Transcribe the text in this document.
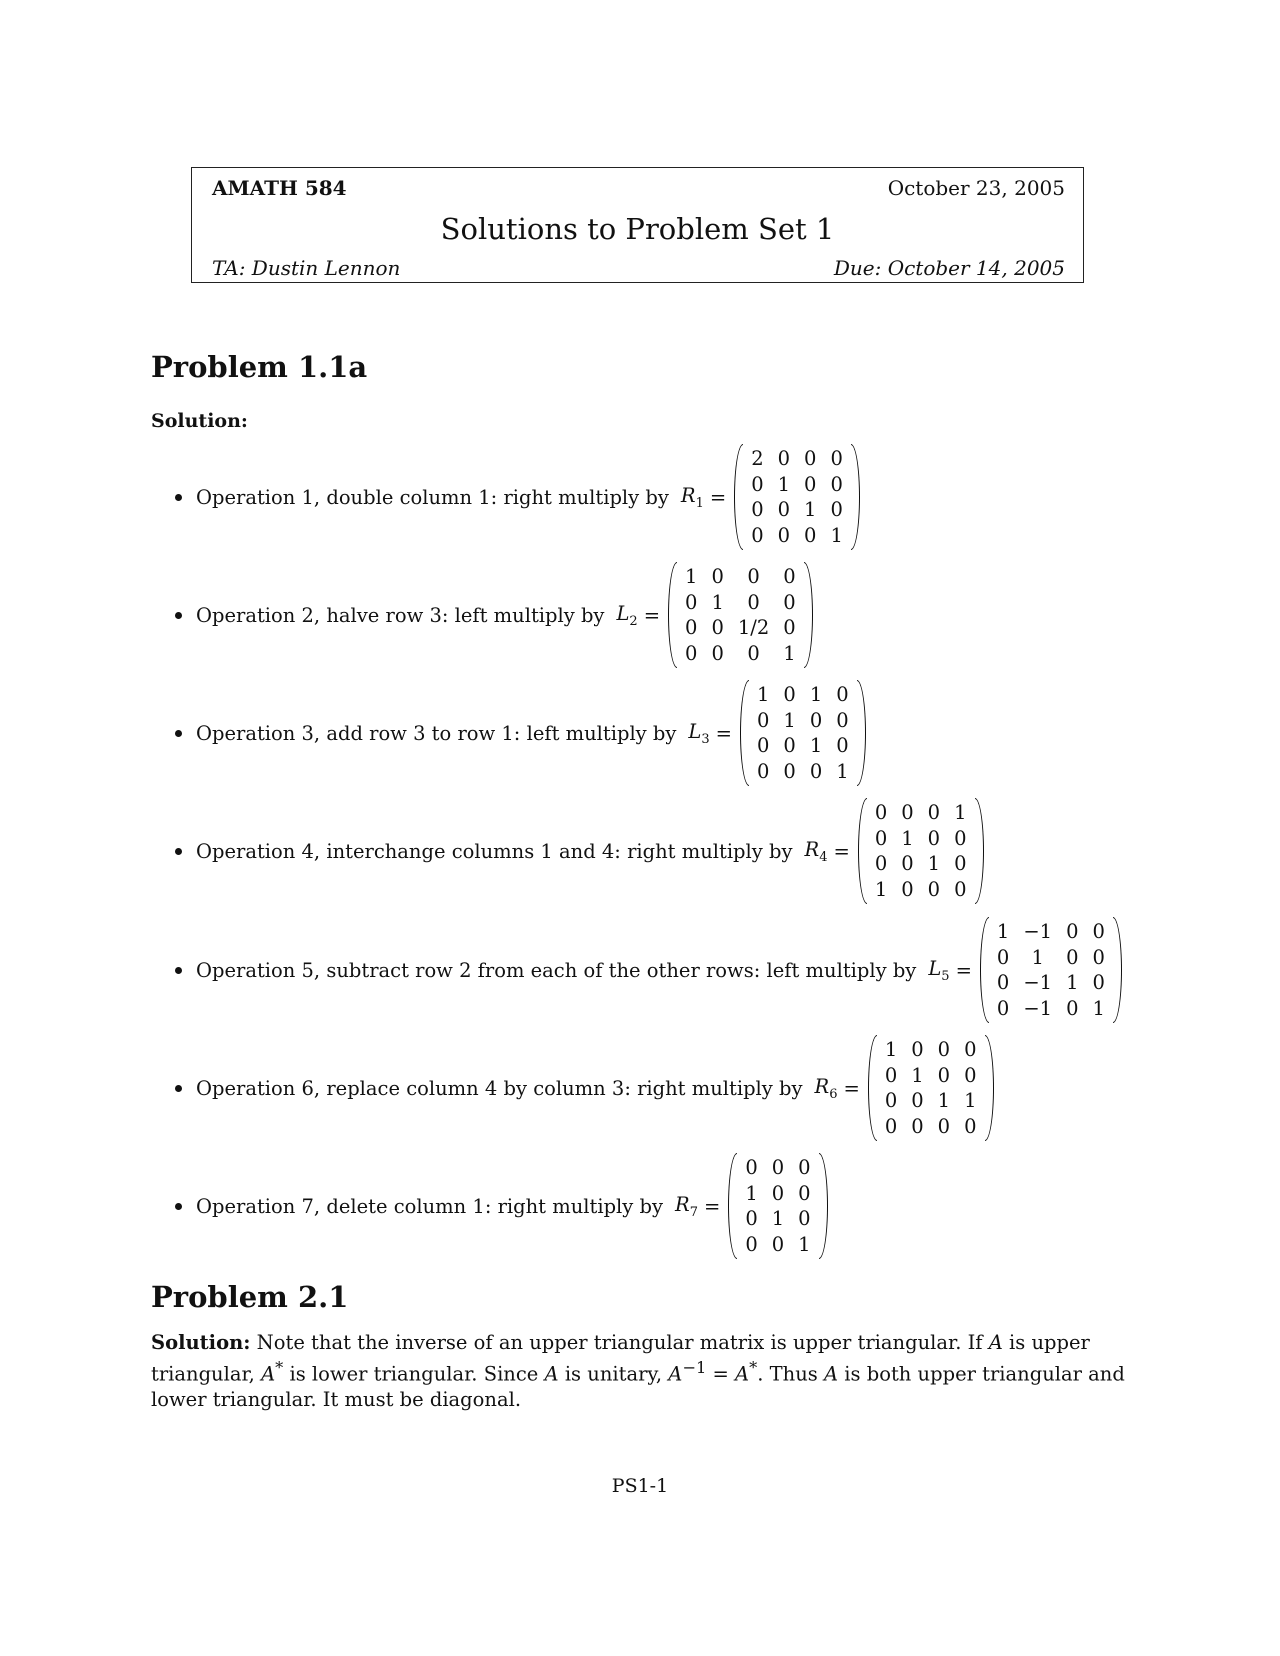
AMATH 584	October 23, 2005
Solutions to Problem Set 1
TA: Dustin Lennon	Due: October 14, 2005
Problem 1.1a
Solution:
Operation 1, double column 1: right multiply by $R_1$ =
2	0	0	0
0	1	0	0
0	0	1	0
0	0	0	1
Operation 2, halve row 3: left multiply by $L_2$ =
1	0	0	0
0	1	0	0
0	0	1/2	0
0	0	0	1
Operation 3, add row 3 to row 1: left multiply by $L_3$ =
1	0	1	0
0	1	0	0
0	0	1	0
0	0	0	1
Operation 4, interchange columns 1 and 4: right multiply by $R_4$ =
0	0	0	1
0	1	0	0
0	0	1	0
1	0	0	0
Operation 5, subtract row 2 from each of the other rows: left multiply by $L_5$ =
1	−1	0	0
0	1	0	0
0	−1	1	0
0	−1	0	1
Operation 6, replace column 4 by column 3: right multiply by $R_6$ =
1	0	0	0
0	1	0	0
0	0	1	1
0	0	0	0
Operation 7, delete column 1: right multiply by $R_7$ =
0	0	0
1	0	0
0	1	0
0	0	1
Problem 2.1

Solution: Note that the inverse of an upper triangular matrix is upper triangular. If A is upper triangular, A* is lower triangular. Since A is unitary, $A^{-1} = A^*$. Thus A is both upper triangular and lower triangular. It must be diagonal.

PS1-1
